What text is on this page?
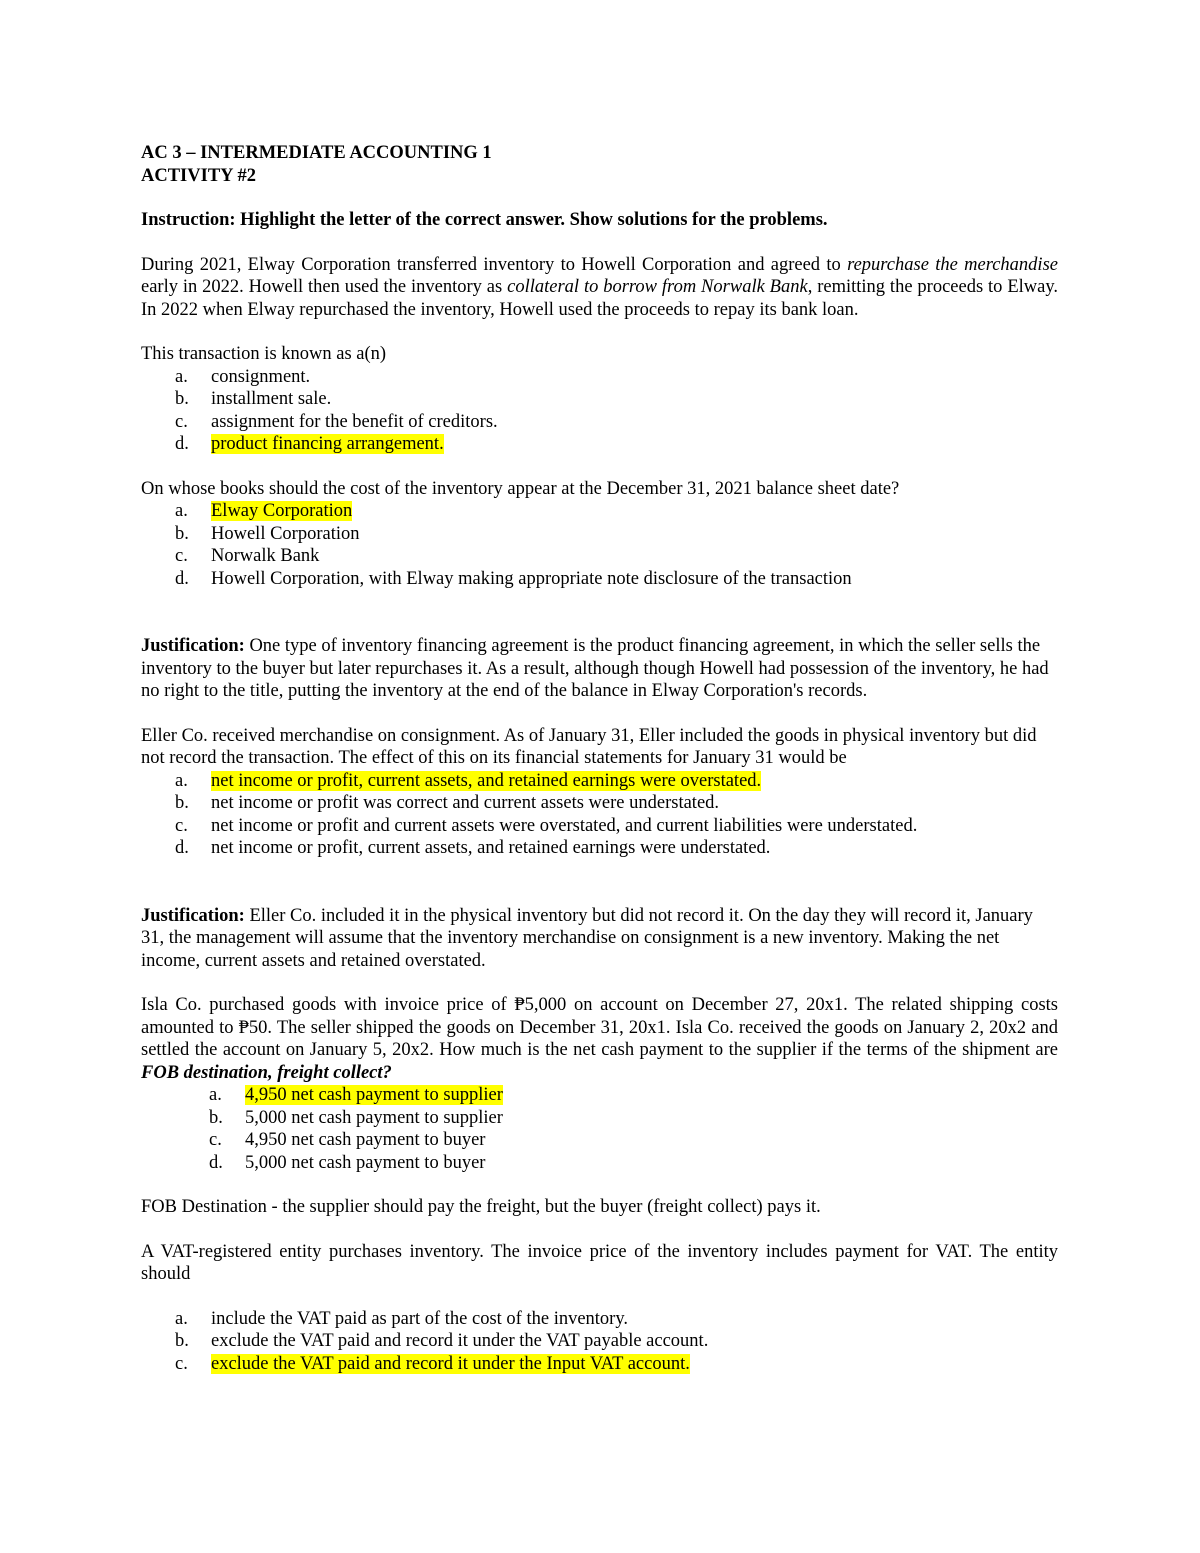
AC 3 – INTERMEDIATE ACCOUNTING 1

ACTIVITY #2

Instruction: Highlight the letter of the correct answer. Show solutions for the problems.

During 2021, Elway Corporation transferred inventory to Howell Corporation and agreed to repurchase the merchandise early in 2022. Howell then used the inventory as collateral to borrow from Norwalk Bank, remitting the proceeds to Elway. In 2022 when Elway repurchased the inventory, Howell used the proceeds to repay its bank loan.

This transaction is known as a(n)

a. consignment.
b. installment sale.
c. assignment for the benefit of creditors.
d. product financing arrangement.

On whose books should the cost of the inventory appear at the December 31, 2021 balance sheet date?

a. Elway Corporation
b. Howell Corporation
c. Norwalk Bank
d. Howell Corporation, with Elway making appropriate note disclosure of the transaction

Justification: One type of inventory financing agreement is the product financing agreement, in which the seller sells the inventory to the buyer but later repurchases it. As a result, although though Howell had possession of the inventory, he had no right to the title, putting the inventory at the end of the balance in Elway Corporation's records.

Eller Co. received merchandise on consignment. As of January 31, Eller included the goods in physical inventory but did not record the transaction. The effect of this on its financial statements for January 31 would be

a. net income or profit, current assets, and retained earnings were overstated.
b. net income or profit was correct and current assets were understated.
c. net income or profit and current assets were overstated, and current liabilities were understated.
d. net income or profit, current assets, and retained earnings were understated.

Justification: Eller Co. included it in the physical inventory but did not record it. On the day they will record it, January 31, the management will assume that the inventory merchandise on consignment is a new inventory. Making the net income, current assets and retained overstated.

Isla Co. purchased goods with invoice price of ₱5,000 on account on December 27, 20x1. The related shipping costs amounted to ₱50. The seller shipped the goods on December 31, 20x1. Isla Co. received the goods on January 2, 20x2 and settled the account on January 5, 20x2. How much is the net cash payment to the supplier if the terms of the shipment are FOB destination, freight collect?

a. 4,950 net cash payment to supplier
b. 5,000 net cash payment to supplier
c. 4,950 net cash payment to buyer
d. 5,000 net cash payment to buyer

FOB Destination - the supplier should pay the freight, but the buyer (freight collect) pays it.

A VAT-registered entity purchases inventory. The invoice price of the inventory includes payment for VAT. The entity should

a. include the VAT paid as part of the cost of the inventory.
b. exclude the VAT paid and record it under the VAT payable account.
c. exclude the VAT paid and record it under the Input VAT account.
